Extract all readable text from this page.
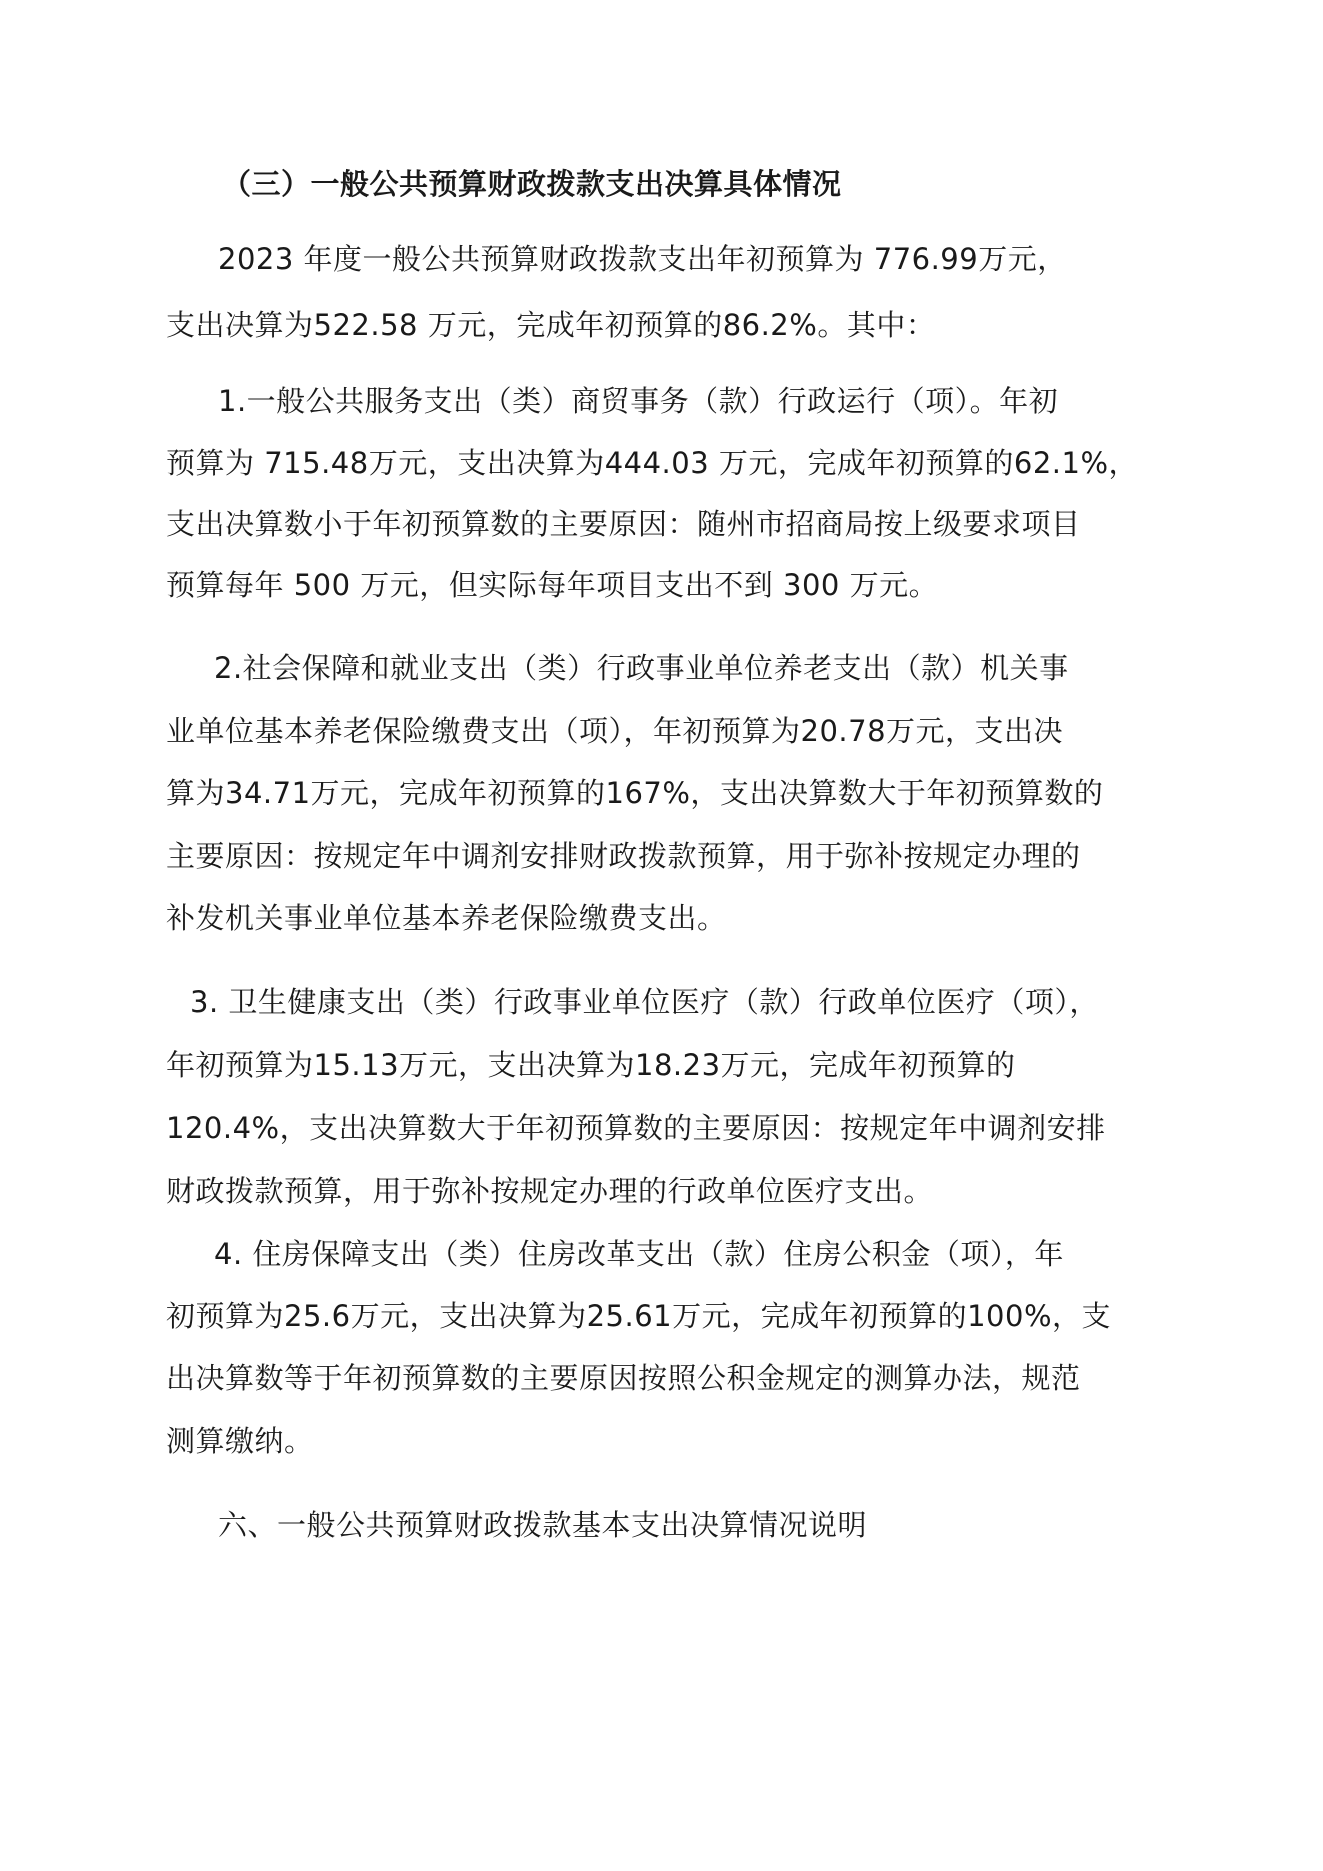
（三）一般公共预算财政拨款支出决算具体情况
2023 年度一般公共预算财政拨款支出年初预算为 776.99万元，
支出决算为522.58 万元，完成年初预算的86.2%。其中：
1.一般公共服务支出（类）商贸事务（款）行政运行（项）。年初
预算为 715.48万元，支出决算为444.03 万元，完成年初预算的62.1%，
支出决算数小于年初预算数的主要原因：随州市招商局按上级要求项目
预算每年 500 万元，但实际每年项目支出不到 300 万元。
2.社会保障和就业支出（类）行政事业单位养老支出（款）机关事
业单位基本养老保险缴费支出（项），年初预算为20.78万元，支出决
算为34.71万元，完成年初预算的167%，支出决算数大于年初预算数的
主要原因：按规定年中调剂安排财政拨款预算，用于弥补按规定办理的
补发机关事业单位基本养老保险缴费支出。
3. 卫生健康支出（类）行政事业单位医疗（款）行政单位医疗（项），
年初预算为15.13万元，支出决算为18.23万元，完成年初预算的
120.4%，支出决算数大于年初预算数的主要原因：按规定年中调剂安排
财政拨款预算，用于弥补按规定办理的行政单位医疗支出。
4. 住房保障支出（类）住房改革支出（款）住房公积金（项），年
初预算为25.6万元，支出决算为25.61万元，完成年初预算的100%，支
出决算数等于年初预算数的主要原因按照公积金规定的测算办法，规范
测算缴纳。
六、一般公共预算财政拨款基本支出决算情况说明
